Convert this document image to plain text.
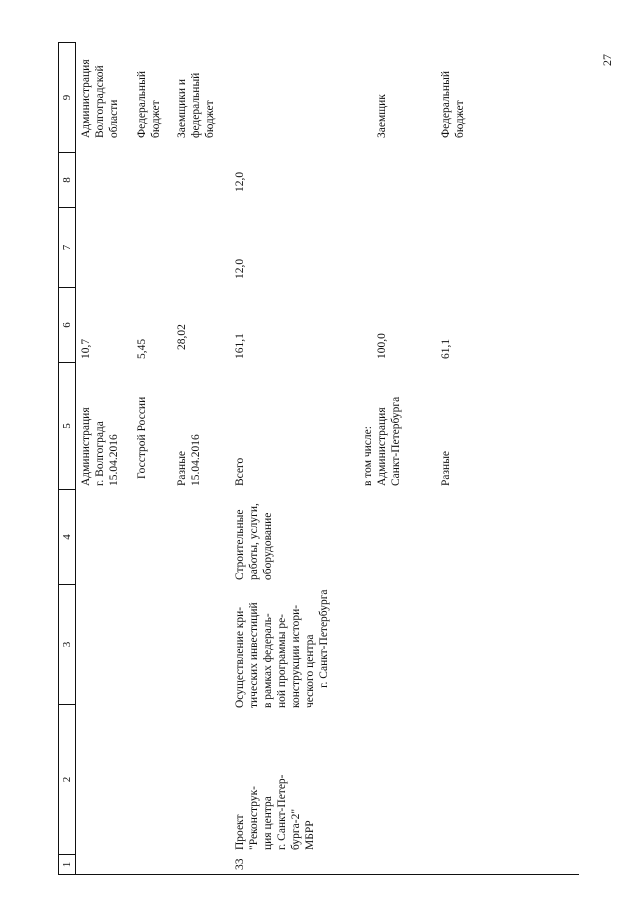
27
1
2
3
4
5
6
7
8
9
Администрация
г. Волгограда
15.04.2016
10,7
Администрация
Волгоградской
области
Госстрой России
5,45
Федеральный
бюджет
Разные
15.04.2016
28,02
Заемщики и
федеральный
бюджет
33
Проект
"Реконструк-
ция центра
г. Санкт-Петер-
бурга-2"
МБРР
Осуществление кри-
тических инвестиций
в рамках федераль-
ной программы ре-
конструкции истори-
ческого центра
г. Санкт-Петербурга
Строительные
работы, услуги,
оборудование
Всего
161,1
12,0
12,0
в том числе:
Администрация
Санкт-Петербурга
100,0
Заемщик
Разные
61,1
Федеральный
бюджет
